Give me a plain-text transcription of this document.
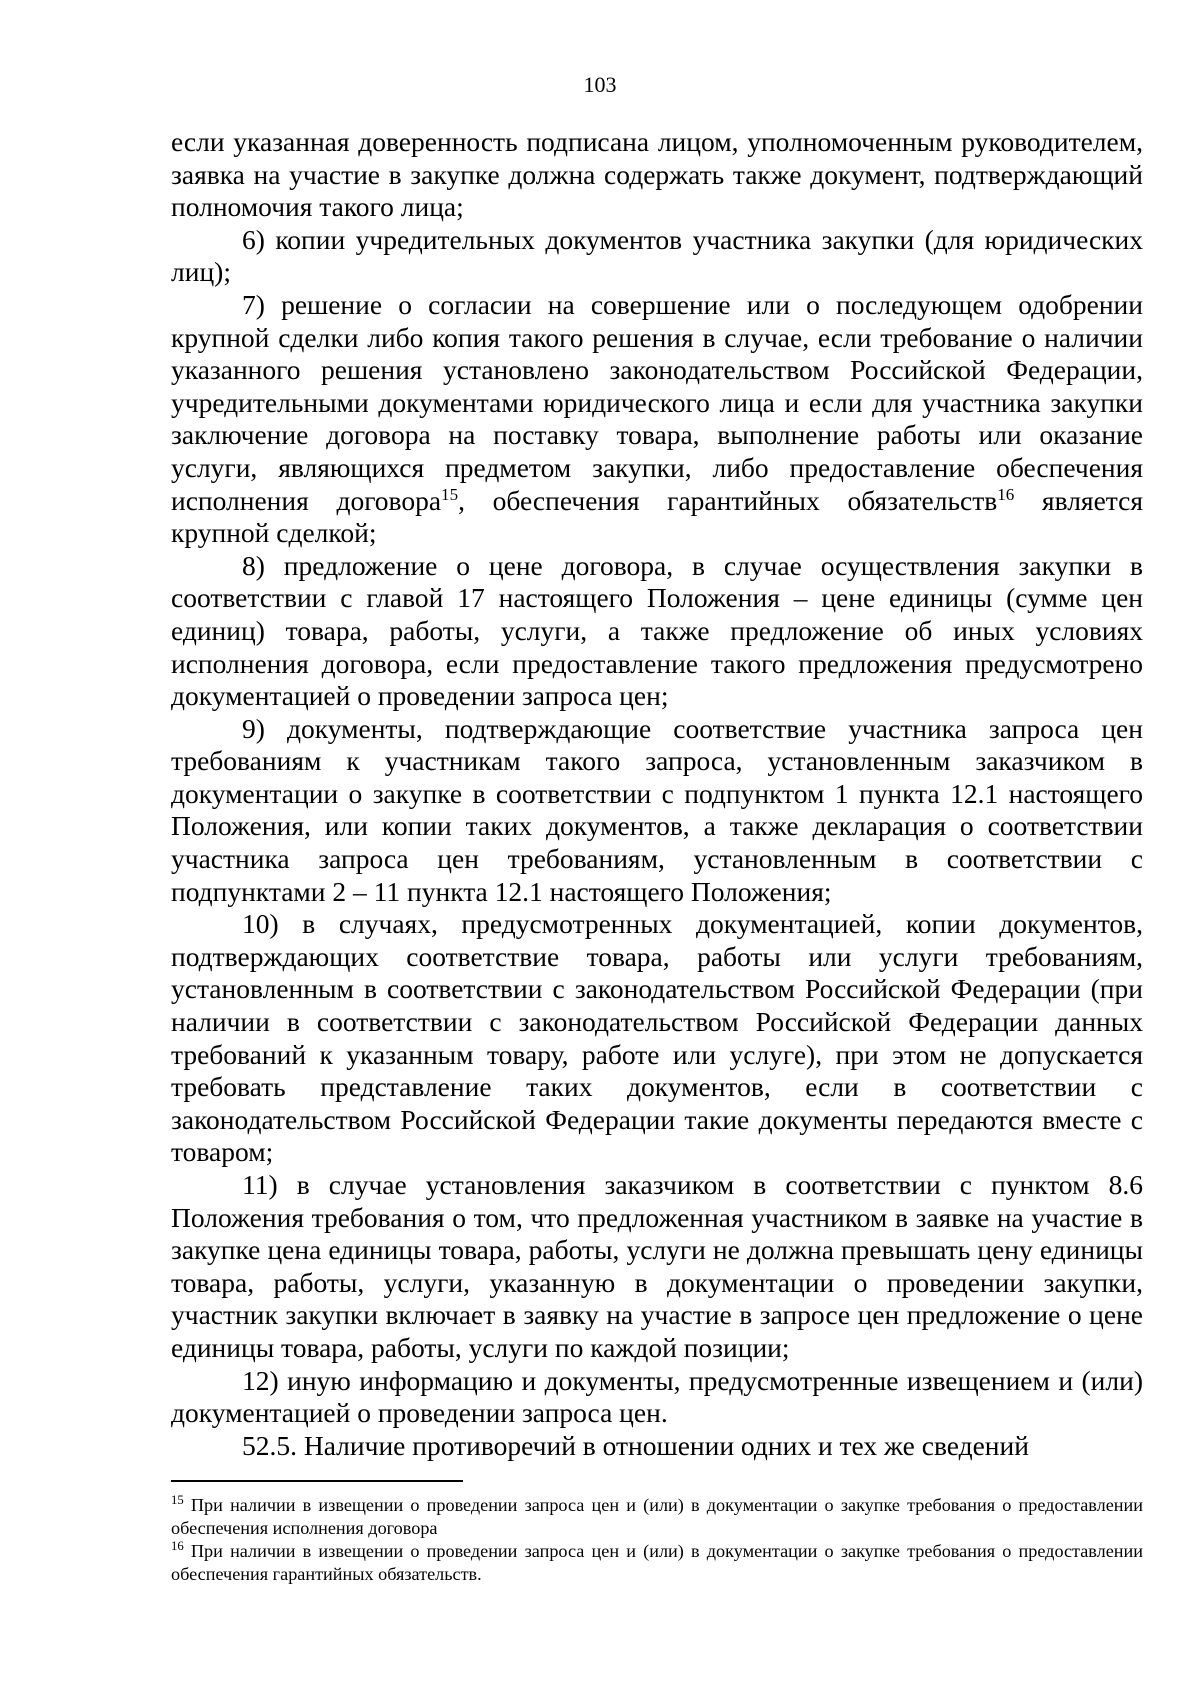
103

если указанная доверенность подписана лицом, уполномоченным руководителем, заявка на участие в закупке должна содержать также документ, подтверждающий полномочия такого лица;

6) копии учредительных документов участника закупки (для юридических лиц);

7) решение о согласии на совершение или о последующем одобрении крупной сделки либо копия такого решения в случае, если требование о наличии указанного решения установлено законодательством Российской Федерации, учредительными документами юридического лица и если для участника закупки заключение договора на поставку товара, выполнение работы или оказание услуги, являющихся предметом закупки, либо предоставление обеспечения исполнения договора$^{15}$, обеспечения гарантийных обязательств$^{16}$ является крупной сделкой;

8) предложение о цене договора, в случае осуществления закупки в соответствии с главой 17 настоящего Положения – цене единицы (сумме цен единиц) товара, работы, услуги, а также предложение об иных условиях исполнения договора, если предоставление такого предложения предусмотрено документацией о проведении запроса цен;

9) документы, подтверждающие соответствие участника запроса цен требованиям к участникам такого запроса, установленным заказчиком в документации о закупке в соответствии с подпунктом 1 пункта 12.1 настоящего Положения, или копии таких документов, а также декларация о соответствии участника запроса цен требованиям, установленным в соответствии с подпунктами 2 – 11 пункта 12.1 настоящего Положения;

10) в случаях, предусмотренных документацией, копии документов, подтверждающих соответствие товара, работы или услуги требованиям, установленным в соответствии с законодательством Российской Федерации (при наличии в соответствии с законодательством Российской Федерации данных требований к указанным товару, работе или услуге), при этом не допускается требовать представление таких документов, если в соответствии с законодательством Российской Федерации такие документы передаются вместе с товаром;

11) в случае установления заказчиком в соответствии с пунктом 8.6 Положения требования о том, что предложенная участником в заявке на участие в закупке цена единицы товара, работы, услуги не должна превышать цену единицы товара, работы, услуги, указанную в документации о проведении закупки, участник закупки включает в заявку на участие в запросе цен предложение о цене единицы товара, работы, услуги по каждой позиции;

12) иную информацию и документы, предусмотренные извещением и (или) документацией о проведении запроса цен.

52.5. Наличие противоречий в отношении одних и тех же сведений

$^{15}$ При наличии в извещении о проведении запроса цен и (или) в документации о закупке требования о предоставлении обеспечения исполнения договора

$^{16}$ При наличии в извещении о проведении запроса цен и (или) в документации о закупке требования о предоставлении обеспечения гарантийных обязательств.
